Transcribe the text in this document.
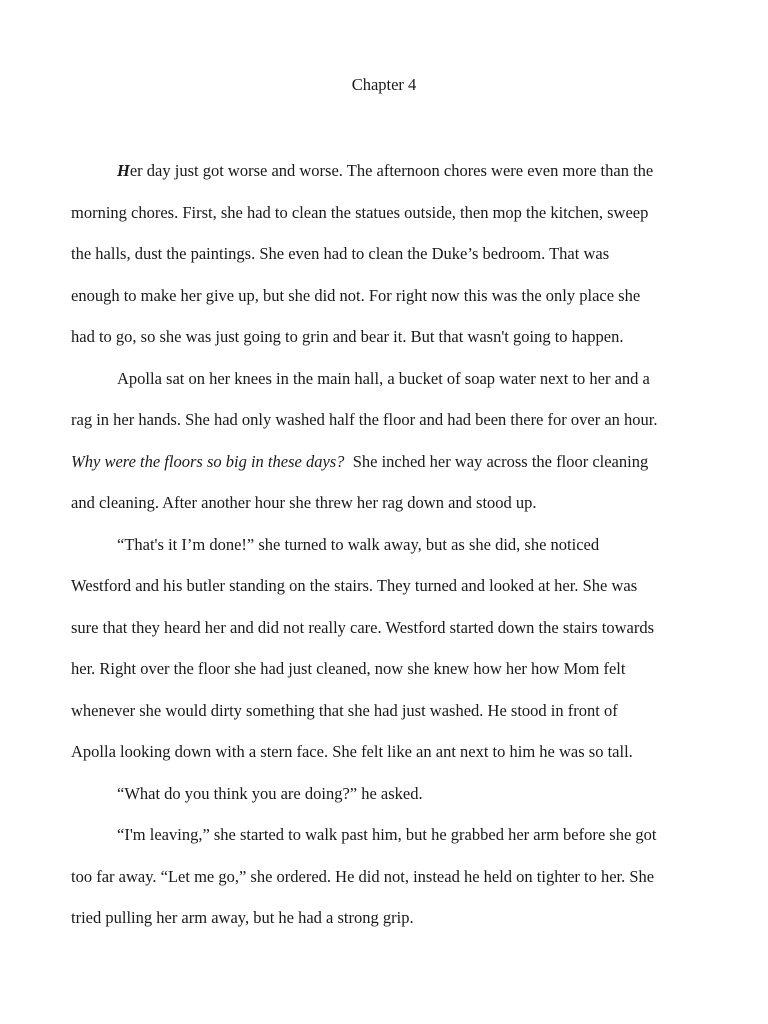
Chapter 4

Her day just got worse and worse. The afternoon chores were even more than the
morning chores. First, she had to clean the statues outside, then mop the kitchen, sweep
the halls, dust the paintings. She even had to clean the Duke’s bedroom. That was
enough to make her give up, but she did not. For right now this was the only place she
had to go, so she was just going to grin and bear it. But that wasn't going to happen.

Apolla sat on her knees in the main hall, a bucket of soap water next to her and a
rag in her hands. She had only washed half the floor and had been there for over an hour.
Why were the floors so big in these days? She inched her way across the floor cleaning
and cleaning. After another hour she threw her rag down and stood up.

“That's it I’m done!” she turned to walk away, but as she did, she noticed
Westford and his butler standing on the stairs. They turned and looked at her. She was
sure that they heard her and did not really care. Westford started down the stairs towards
her. Right over the floor she had just cleaned, now she knew how her how Mom felt
whenever she would dirty something that she had just washed. He stood in front of
Apolla looking down with a stern face. She felt like an ant next to him he was so tall.

“What do you think you are doing?” he asked.

“I'm leaving,” she started to walk past him, but he grabbed her arm before she got
too far away. “Let me go,” she ordered. He did not, instead he held on tighter to her. She
tried pulling her arm away, but he had a strong grip.
